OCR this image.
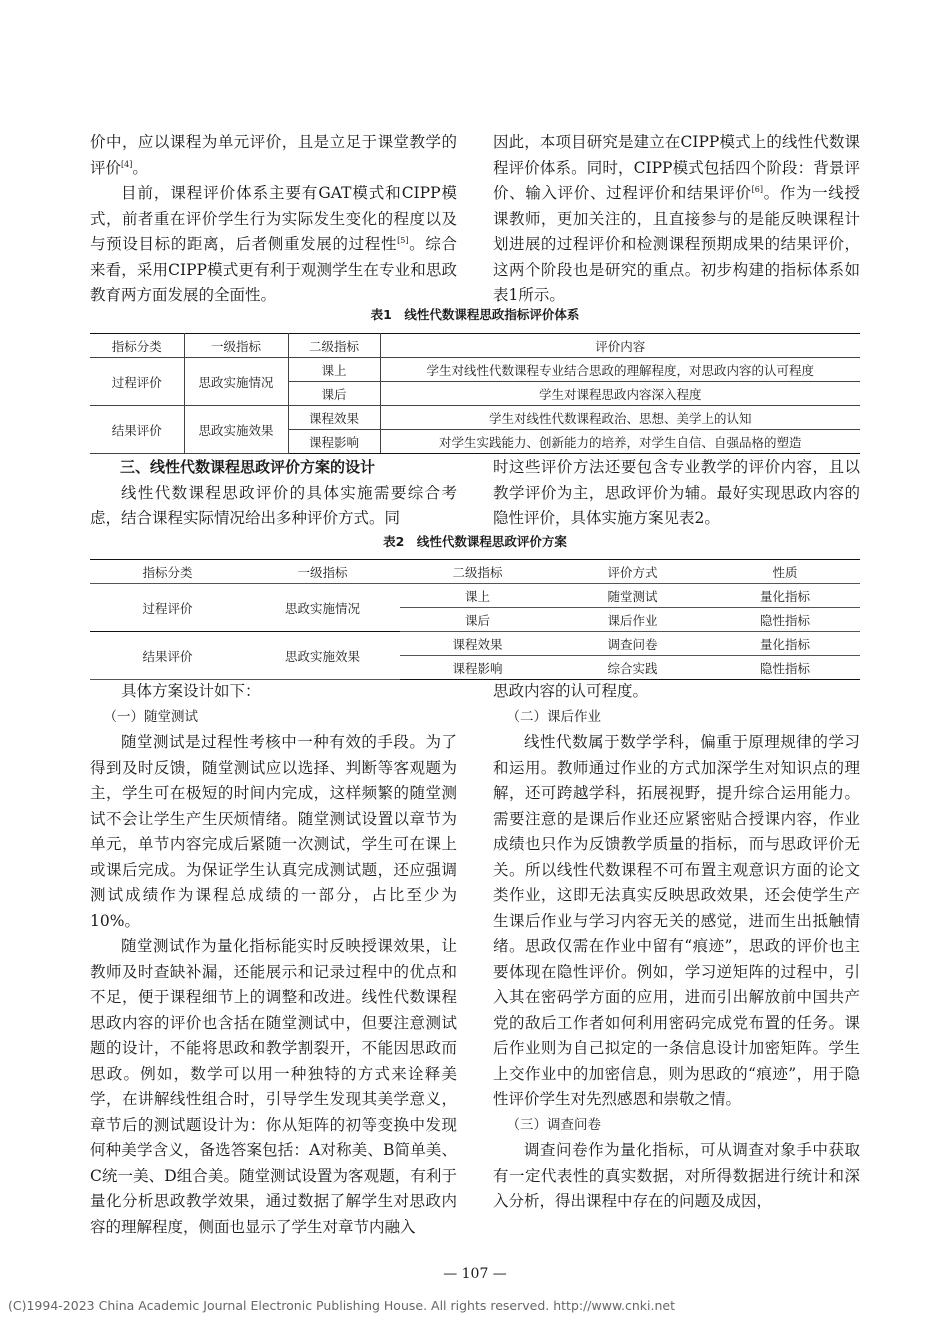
价中，应以课程为单元评价，且是立足于课堂教学的评价[4]。

目前，课程评价体系主要有GAT模式和CIPP模式，前者重在评价学生行为实际发生变化的程度以及与预设目标的距离，后者侧重发展的过程性[5]。综合来看，采用CIPP模式更有利于观测学生在专业和思政教育两方面发展的全面性。

因此，本项目研究是建立在CIPP模式上的线性代数课程评价体系。同时，CIPP模式包括四个阶段：背景评价、输入评价、过程评价和结果评价[6]。作为一线授课教师，更加关注的，且直接参与的是能反映课程计划进展的过程评价和检测课程预期成果的结果评价，这两个阶段也是研究的重点。初步构建的指标体系如表1所示。

表1　线性代数课程思政指标评价体系
指标分类	一级指标	二级指标	评价内容
过程评价	思政实施情况	课上	学生对线性代数课程专业结合思政的理解程度，对思政内容的认可程度
		课后	学生对课程思政内容深入程度
结果评价	思政实施效果	课程效果	学生对线性代数课程政治、思想、美学上的认知
		课程影响	对学生实践能力、创新能力的培养，对学生自信、自强品格的塑造

三、线性代数课程思政评价方案的设计

线性代数课程思政评价的具体实施需要综合考虑，结合课程实际情况给出多种评价方式。同

时这些评价方法还要包含专业教学的评价内容，且以教学评价为主，思政评价为辅。最好实现思政内容的隐性评价，具体实施方案见表2。

表2　线性代数课程思政评价方案
指标分类	一级指标	二级指标	评价方式	性质
过程评价	思政实施情况	课上	随堂测试	量化指标
		课后	课后作业	隐性指标
结果评价	思政实施效果	课程效果	调查问卷	量化指标
		课程影响	综合实践	隐性指标

具体方案设计如下：

（一）随堂测试

随堂测试是过程性考核中一种有效的手段。为了得到及时反馈，随堂测试应以选择、判断等客观题为主，学生可在极短的时间内完成，这样频繁的随堂测试不会让学生产生厌烦情绪。随堂测试设置以章节为单元，单节内容完成后紧随一次测试，学生可在课上或课后完成。为保证学生认真完成测试题，还应强调测试成绩作为课程总成绩的一部分，占比至少为10%。

随堂测试作为量化指标能实时反映授课效果，让教师及时查缺补漏，还能展示和记录过程中的优点和不足，便于课程细节上的调整和改进。线性代数课程思政内容的评价也含括在随堂测试中，但要注意测试题的设计，不能将思政和教学割裂开，不能因思政而思政。例如，数学可以用一种独特的方式来诠释美学，在讲解线性组合时，引导学生发现其美学意义，章节后的测试题设计为：你从矩阵的初等变换中发现何种美学含义，备选答案包括：A对称美、B简单美、C统一美、D组合美。随堂测试设置为客观题，有利于量化分析思政教学效果，通过数据了解学生对思政内容的理解程度，侧面也显示了学生对章节内融入

思政内容的认可程度。

（二）课后作业

线性代数属于数学学科，偏重于原理规律的学习和运用。教师通过作业的方式加深学生对知识点的理解，还可跨越学科，拓展视野，提升综合运用能力。需要注意的是课后作业还应紧密贴合授课内容，作业成绩也只作为反馈教学质量的指标，而与思政评价无关。所以线性代数课程不可布置主观意识方面的论文类作业，这即无法真实反映思政效果，还会使学生产生课后作业与学习内容无关的感觉，进而生出抵触情绪。思政仅需在作业中留有“痕迹”，思政的评价也主要体现在隐性评价。例如，学习逆矩阵的过程中，引入其在密码学方面的应用，进而引出解放前中国共产党的敌后工作者如何利用密码完成党布置的任务。课后作业则为自己拟定的一条信息设计加密矩阵。学生上交作业中的加密信息，则为思政的“痕迹”，用于隐性评价学生对先烈感恩和崇敬之情。

（三）调查问卷

调查问卷作为量化指标，可从调查对象手中获取有一定代表性的真实数据，对所得数据进行统计和深入分析，得出课程中存在的问题及成因，

— 107 —
(C)1994-2023 China Academic Journal Electronic Publishing House. All rights reserved. http://www.cnki.net
